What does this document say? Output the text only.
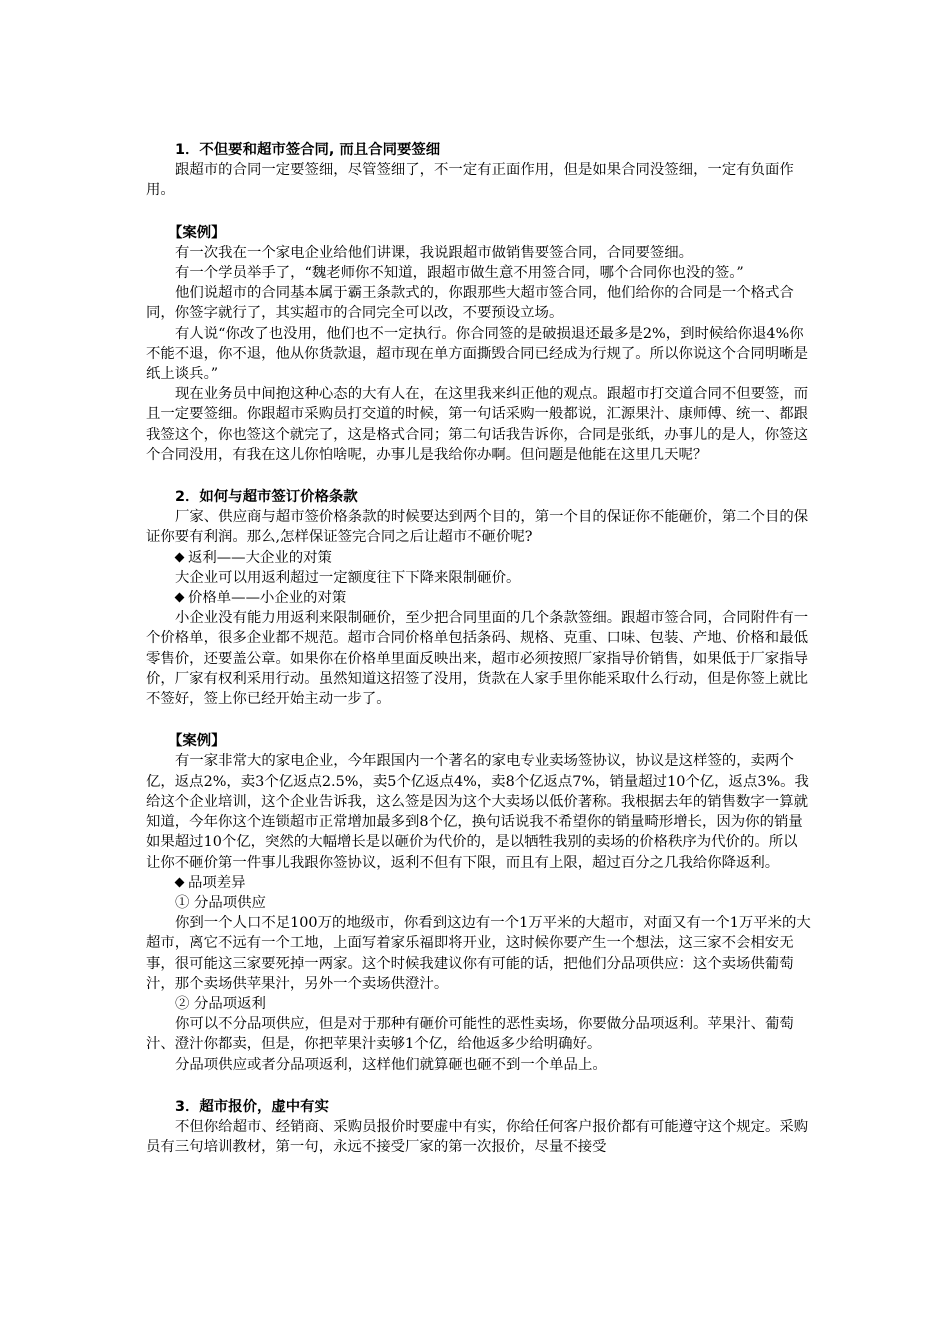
1．不但要和超市签合同, 而且合同要签细

跟超市的合同一定要签细，尽管签细了，不一定有正面作用，但是如果合同没签细，一定有负面作用。

【案例】

有一次我在一个家电企业给他们讲课，我说跟超市做销售要签合同，合同要签细。

有一个学员举手了，“魏老师你不知道，跟超市做生意不用签合同，哪个合同你也没的签。”

他们说超市的合同基本属于霸王条款式的，你跟那些大超市签合同，他们给你的合同是一个格式合同，你签字就行了，其实超市的合同完全可以改，不要预设立场。

有人说“你改了也没用，他们也不一定执行。你合同签的是破损退还最多是2%，到时候给你退4%你不能不退，你不退，他从你货款退，超市现在单方面撕毁合同已经成为行规了。所以你说这个合同明晰是纸上谈兵。”

现在业务员中间抱这种心态的大有人在，在这里我来纠正他的观点。跟超市打交道合同不但要签，而且一定要签细。你跟超市采购员打交道的时候，第一句话采购一般都说，汇源果汁、康师傅、统一、都跟我签这个，你也签这个就完了，这是格式合同；第二句话我告诉你，合同是张纸，办事儿的是人，你签这个合同没用，有我在这儿你怕啥呢，办事儿是我给你办啊。但问题是他能在这里几天呢？

2．如何与超市签订价格条款

厂家、供应商与超市签价格条款的时候要达到两个目的，第一个目的保证你不能砸价，第二个目的保证你要有利润。那么,怎样保证签完合同之后让超市不砸价呢?

返利——大企业的对策

大企业可以用返利超过一定额度往下下降来限制砸价。

价格单——小企业的对策

小企业没有能力用返利来限制砸价，至少把合同里面的几个条款签细。跟超市签合同，合同附件有一个价格单，很多企业都不规范。超市合同价格单包括条码、规格、克重、口味、包装、产地、价格和最低零售价，还要盖公章。如果你在价格单里面反映出来，超市必须按照厂家指导价销售，如果低于厂家指导价，厂家有权利采用行动。虽然知道这招签了没用，货款在人家手里你能采取什么行动，但是你签上就比不签好，签上你已经开始主动一步了。

【案例】

有一家非常大的家电企业，今年跟国内一个著名的家电专业卖场签协议，协议是这样签的，卖两个亿，返点2%，卖3个亿返点2.5%，卖5个亿返点4%，卖8个亿返点7%，销量超过10个亿，返点3%。我给这个企业培训，这个企业告诉我，这么签是因为这个大卖场以低价著称。我根据去年的销售数字一算就知道，今年你这个连锁超市正常增加最多到8个亿，换句话说我不希望你的销量畸形增长，因为你的销量如果超过10个亿，突然的大幅增长是以砸价为代价的，是以牺牲我别的卖场的价格秩序为代价的。所以让你不砸价第一件事儿我跟你签协议，返利不但有下限，而且有上限，超过百分之几我给你降返利。

品项差异

① 分品项供应

你到一个人口不足100万的地级市，你看到这边有一个1万平米的大超市，对面又有一个1万平米的大超市，离它不远有一个工地，上面写着家乐福即将开业，这时候你要产生一个想法，这三家不会相安无事，很可能这三家要死掉一两家。这个时候我建议你有可能的话，把他们分品项供应：这个卖场供葡萄汁，那个卖场供苹果汁，另外一个卖场供澄汁。

② 分品项返利

你可以不分品项供应，但是对于那种有砸价可能性的恶性卖场，你要做分品项返利。苹果汁、葡萄汁、澄汁你都卖，但是，你把苹果汁卖够1个亿，给他返多少给明确好。

分品项供应或者分品项返利，这样他们就算砸也砸不到一个单品上。

3．超市报价，虚中有实

不但你给超市、经销商、采购员报价时要虚中有实，你给任何客户报价都有可能遵守这个规定。采购员有三句培训教材，第一句，永远不接受厂家的第一次报价，尽量不接受
